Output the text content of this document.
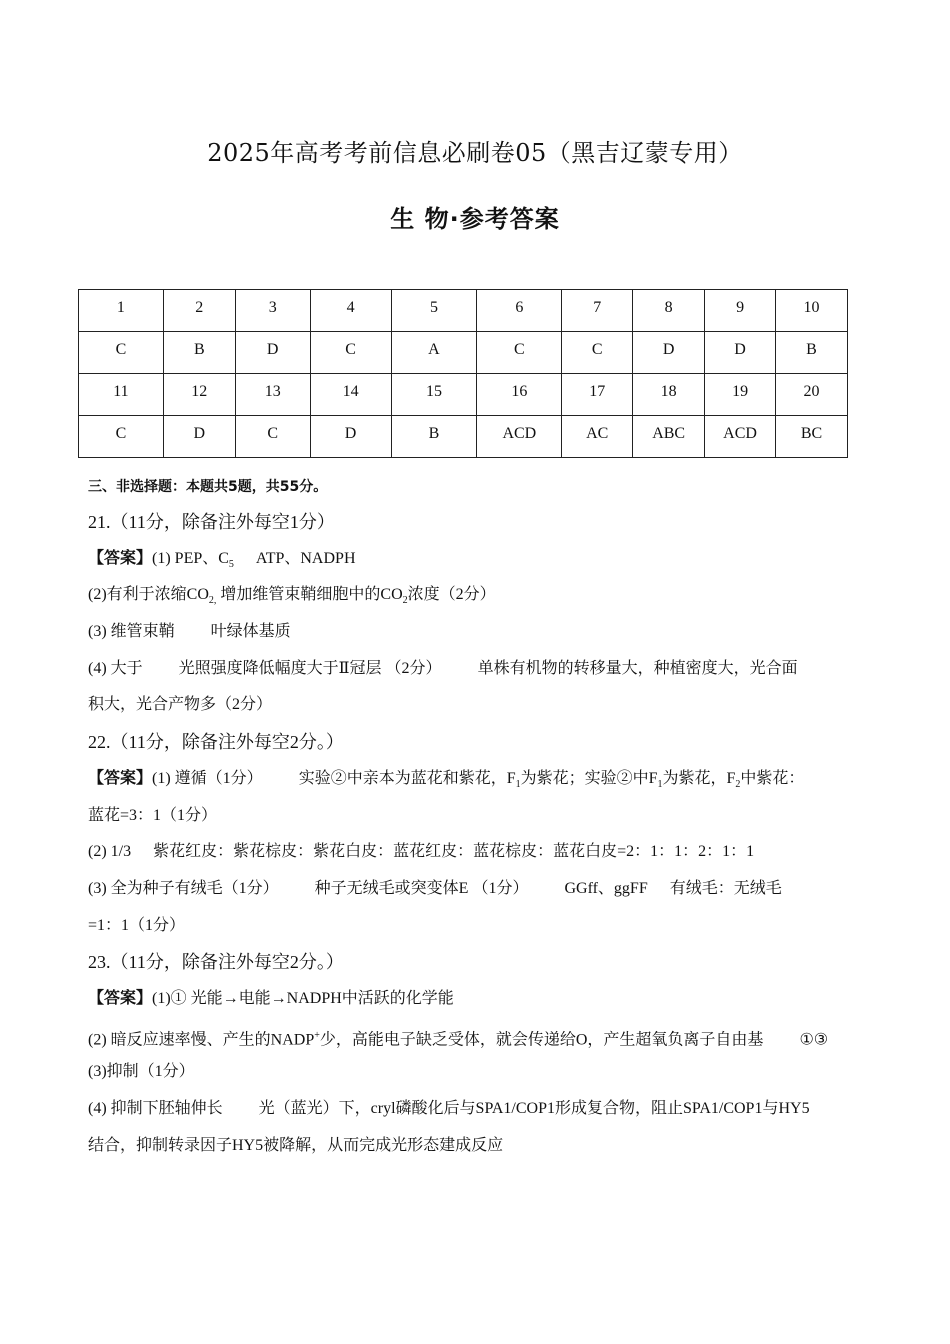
2025年高考考前信息必刷卷05（黑吉辽蒙专用）
生 物·参考答案
1	2	3	4	5	6	7	8	9	10
C	B	D	C	A	C	C	D	D	B
11	12	13	14	15	16	17	18	19	20
C	D	C	D	B	ACD	AC	ABC	ACD	BC
三、非选择题：本题共5题，共55分。
21.（11分，除备注外每空1分）
【答案】(1) PEP、$C_5$ ATP、NADPH
(2)有利于浓缩$CO_{2,}$ 增加维管束鞘细胞中的$CO_2$浓度（2分）
(3) 维管束鞘 叶绿体基质
(4) 大于 光照强度降低幅度大于Ⅱ冠层 （2分） 单株有机物的转移量大，种植密度大，光合面
积大，光合产物多（2分）
22.（11分，除备注外每空2分。）
【答案】(1) 遵循（1分） 实验②中亲本为蓝花和紫花，$F_1$为紫花；实验②中$F_1$为紫花，$F_2$中紫花：
蓝花=3：1（1分）
(2) 1/3 紫花红皮：紫花棕皮：紫花白皮：蓝花红皮：蓝花棕皮：蓝花白皮=2：1：1：2：1：1
(3) 全为种子有绒毛（1分） 种子无绒毛或突变体E （1分） GGff、ggFF 有绒毛：无绒毛
=1：1（1分）
23.（11分，除备注外每空2分。）
【答案】(1)① 光能→电能→NADPH中活跃的化学能
(2) 暗反应速率慢、产生的NADP+少，高能电子缺乏受体，就会传递给O，产生超氧负离子自由基 ①③
(3)抑制（1分）
(4) 抑制下胚轴伸长 光（蓝光）下，cryl磷酸化后与SPA1/COP1形成复合物，阻止SPA1/COP1与HY5
结合，抑制转录因子HY5被降解，从而完成光形态建成反应
